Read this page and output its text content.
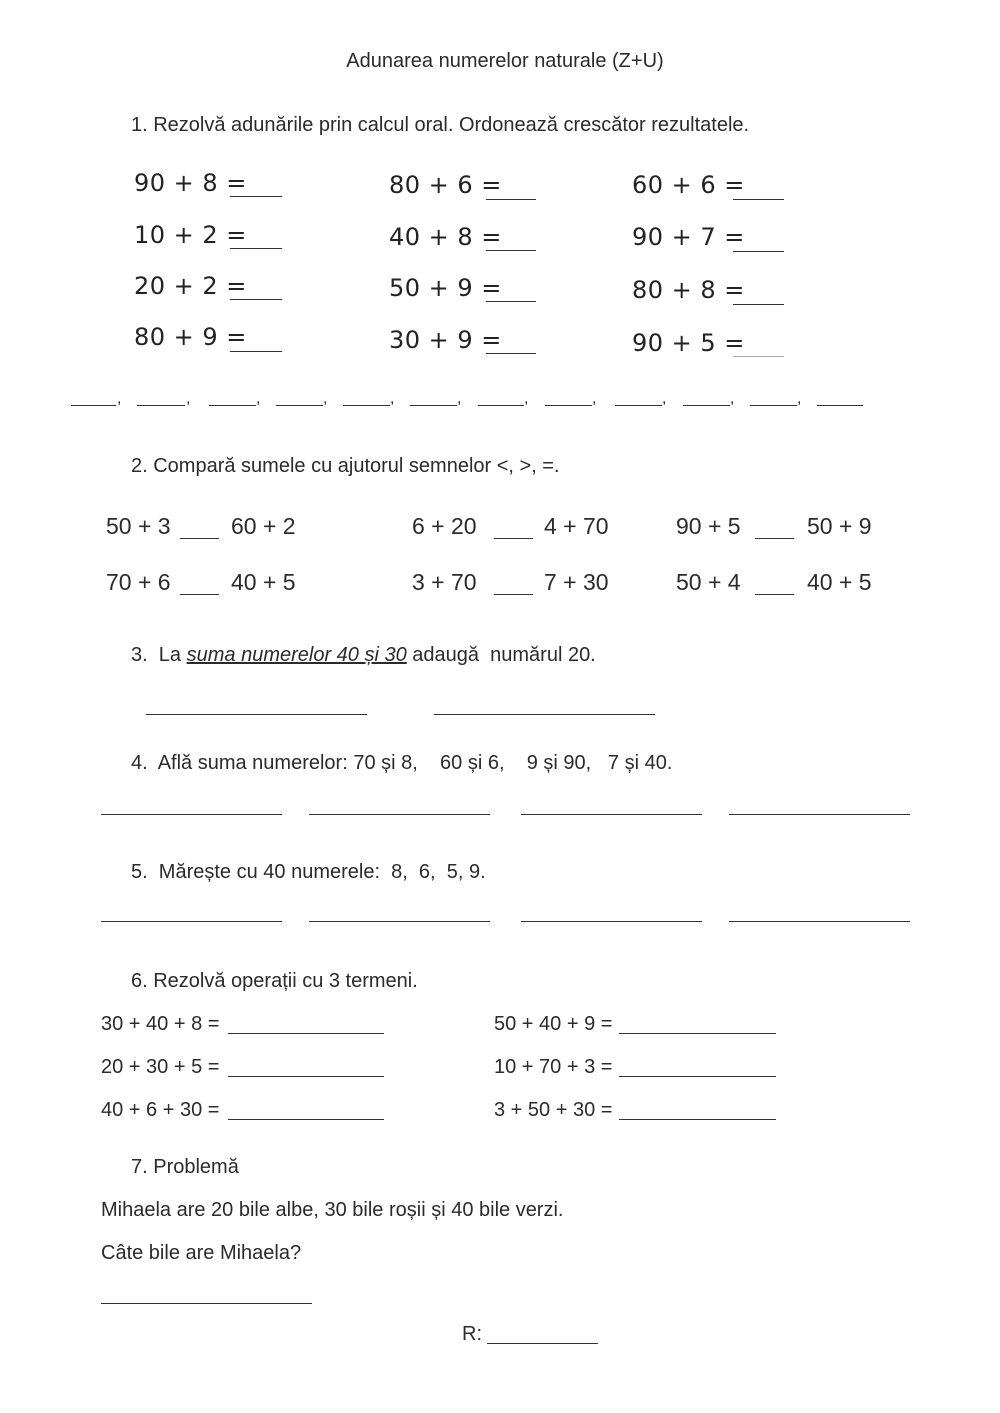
Adunarea numerelor naturale (Z+U)
1. Rezolvă adunările prin calcul oral. Ordonează crescător rezultatele.
90 + 8 =
10 + 2 =
20 + 2 =
80 + 9 =
80 + 6 =
40 + 8 =
50 + 9 =
30 + 9 =
60 + 6 =
90 + 7 =
80 + 8 =
90 + 5 =
,	,	,	,	,	,	,	,	,	,	,
2. Compară sumele cu ajutorul semnelor <, >, =.
50 + 3	60 + 2	6 + 20	4 + 70	90 + 5	50 + 9
70 + 6	40 + 5	3 + 70	7 + 30	50 + 4	40 + 5
3.  La suma numerelor 40 și 30 adaugă  numărul 20.
4.  Află suma numerelor: 70 și 8,    60 și 6,    9 și 90,   7 și 40.
5.  Mărește cu 40 numerele:  8,  6,  5, 9.
6. Rezolvă operații cu 3 termeni.
30 + 40 + 8 =
20 + 30 + 5 =
40 + 6 + 30 =
50 + 40 + 9 =
10 + 70 + 3 =
3 + 50 + 30 =
7. Problemă
Mihaela are 20 bile albe, 30 bile roșii și 40 bile verzi.
Câte bile are Mihaela?
R:
